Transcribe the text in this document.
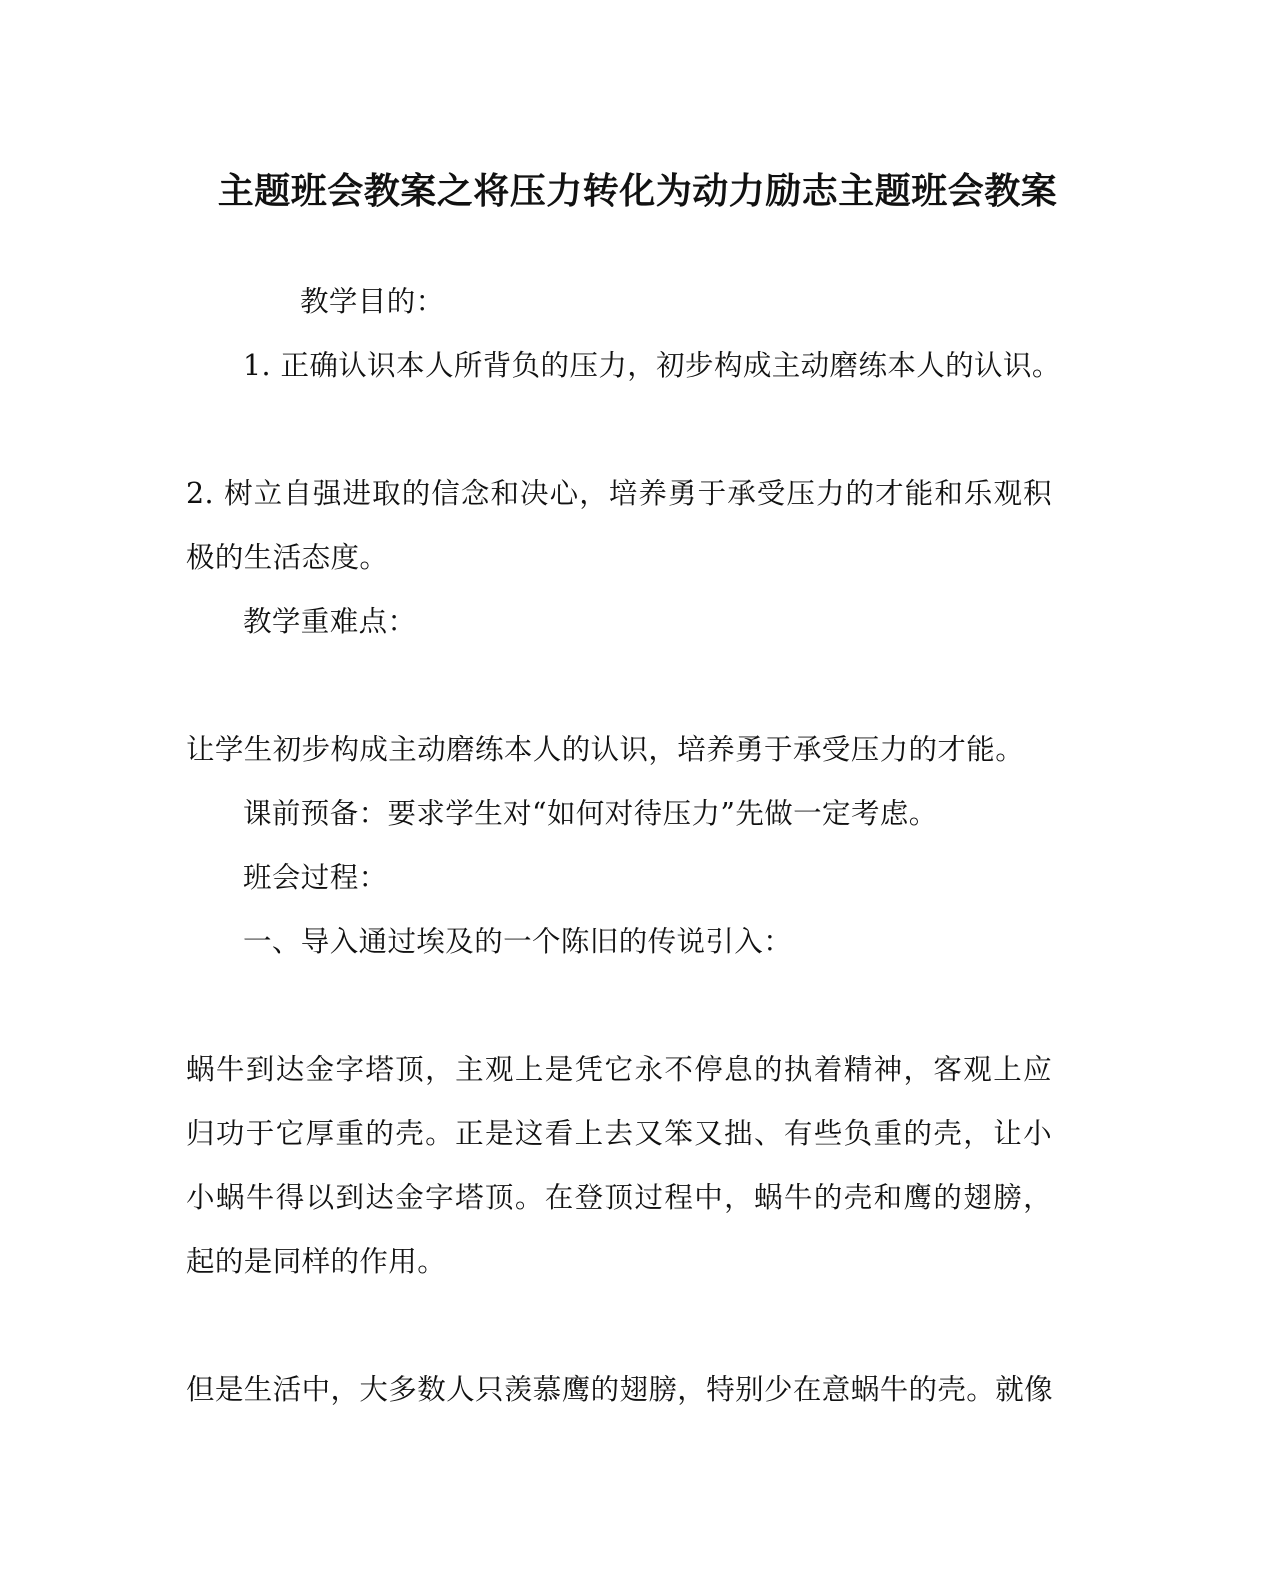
主题班会教案之将压力转化为动力励志主题班会教案

教学目的：

1. 正确认识本人所背负的压力，初步构成主动磨练本人的认识。

2. 树立自强进取的信念和决心，培养勇于承受压力的才能和乐观积极的生活态度。

教学重难点：

让学生初步构成主动磨练本人的认识，培养勇于承受压力的才能。

课前预备：要求学生对“如何对待压力”先做一定考虑。

班会过程：

一、导入通过埃及的一个陈旧的传说引入：

蜗牛到达金字塔顶，主观上是凭它永不停息的执着精神，客观上应归功于它厚重的壳。正是这看上去又笨又拙、有些负重的壳，让小小蜗牛得以到达金字塔顶。在登顶过程中，蜗牛的壳和鹰的翅膀，起的是同样的作用。

但是生活中，大多数人只羡慕鹰的翅膀，特别少在意蜗牛的壳。就像
